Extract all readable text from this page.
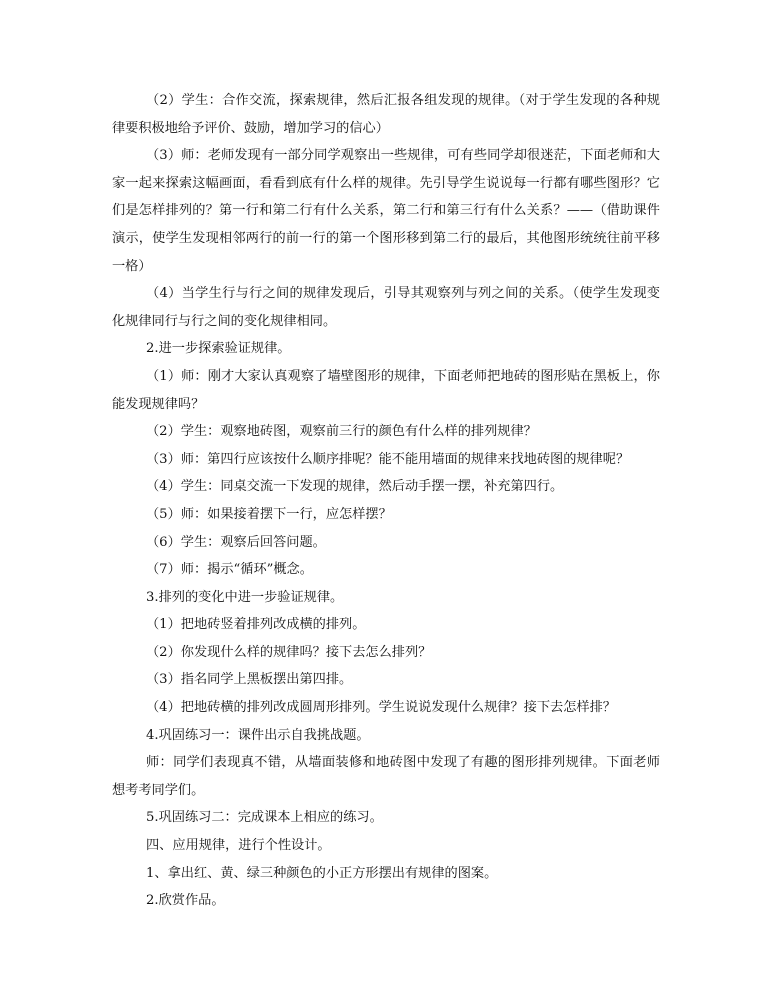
（2）学生：合作交流，探索规律，然后汇报各组发现的规律。（对于学生发现的各种规律要积极地给予评价、鼓励，增加学习的信心）

（3）师：老师发现有一部分同学观察出一些规律，可有些同学却很迷茫，下面老师和大家一起来探索这幅画面，看看到底有什么样的规律。先引导学生说说每一行都有哪些图形？它们是怎样排列的？第一行和第二行有什么关系，第二行和第三行有什么关系？——（借助课件演示，使学生发现相邻两行的前一行的第一个图形移到第二行的最后，其他图形统统往前平移一格）

（4）当学生行与行之间的规律发现后，引导其观察列与列之间的关系。（使学生发现变化规律同行与行之间的变化规律相同。

2.进一步探索验证规律。

（1）师：刚才大家认真观察了墙壁图形的规律，下面老师把地砖的图形贴在黑板上，你能发现规律吗？

（2）学生：观察地砖图，观察前三行的颜色有什么样的排列规律？

（3）师：第四行应该按什么顺序排呢？能不能用墙面的规律来找地砖图的规律呢？

（4）学生：同桌交流一下发现的规律，然后动手摆一摆，补充第四行。

（5）师：如果接着摆下一行，应怎样摆？

（6）学生：观察后回答问题。

（7）师：揭示“循环”概念。

3.排列的变化中进一步验证规律。

（1）把地砖竖着排列改成横的排列。

（2）你发现什么样的规律吗？接下去怎么排列？

（3）指名同学上黑板摆出第四排。

（4）把地砖横的排列改成圆周形排列。学生说说发现什么规律？接下去怎样排？

4.巩固练习一：课件出示自我挑战题。

师：同学们表现真不错，从墙面装修和地砖图中发现了有趣的图形排列规律。下面老师想考考同学们。

5.巩固练习二：完成课本上相应的练习。

四、应用规律，进行个性设计。

1、拿出红、黄、绿三种颜色的小正方形摆出有规律的图案。

2.欣赏作品。
